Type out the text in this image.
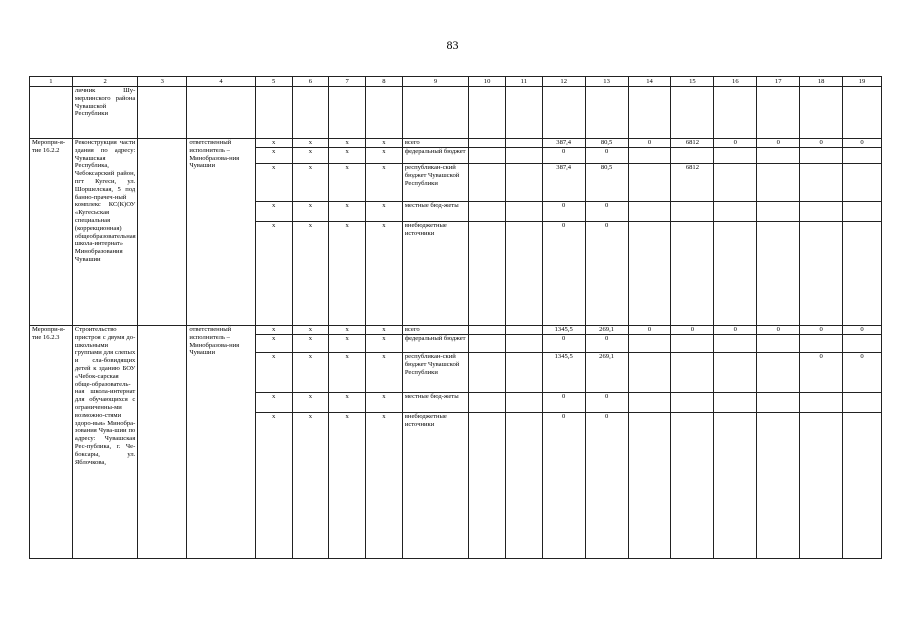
83
1	2	3	4	5	6	7	8	9	10	11	12	13	14	15	16	17	18	19
	личник Шу-мерлинского района Чувашской Республики																	
Меропри-я-тие 16.2.2	Реконструкция части здания по адресу: Чувашская Республика, Чебоксарский район, пгт Кугеси, ул. Шоршелская, 5 под банно-прачеч-ный комплекс КС(К)ОУ «Кугесьская специальная (коррекционная) общеобразовательная школа-интернат» Минобразования Чувашии		ответственный исполнитель – Минобразова-ния Чувашии	х	х	х	х	всего			387,4	80,5	0	6812	0	0	0	0
				х	х	х	х	федеральный бюджет			0	0						
				х	х	х	х	республикан-ский бюджет Чувашской Республики			387,4	80,5		6812				
				х	х	х	х	местные бюд-жеты			0	0						
				х	х	х	х	внебюджетные источники			0	0						
Меропри-я-тие 16.2.3	Строительство пристроя с двумя до-школьными группами для слепых и сла-бовидящих детей к зданию БОУ «Чебок-сарская обще-образователь-ная школа-интернат для обучающихся с ограниченны-ми возможно-стями здоро-вья» Минобра-зования Чува-шии по адресу: Чувашская Рес-публика, г. Че-боксары, ул. Яблочкова,		ответственный исполнитель – Минобразова-ния Чувашии	х	х	х	х	всего			1345,5	269,1	0	0	0	0	0	0
				х	х	х	х	федеральный бюджет			0	0						
				х	х	х	х	республикан-ский бюджет Чувашской Республики			1345,5	269,1					0	0
				х	х	х	х	местные бюд-жеты			0	0						
				х	х	х	х	внебюджетные источники			0	0						
